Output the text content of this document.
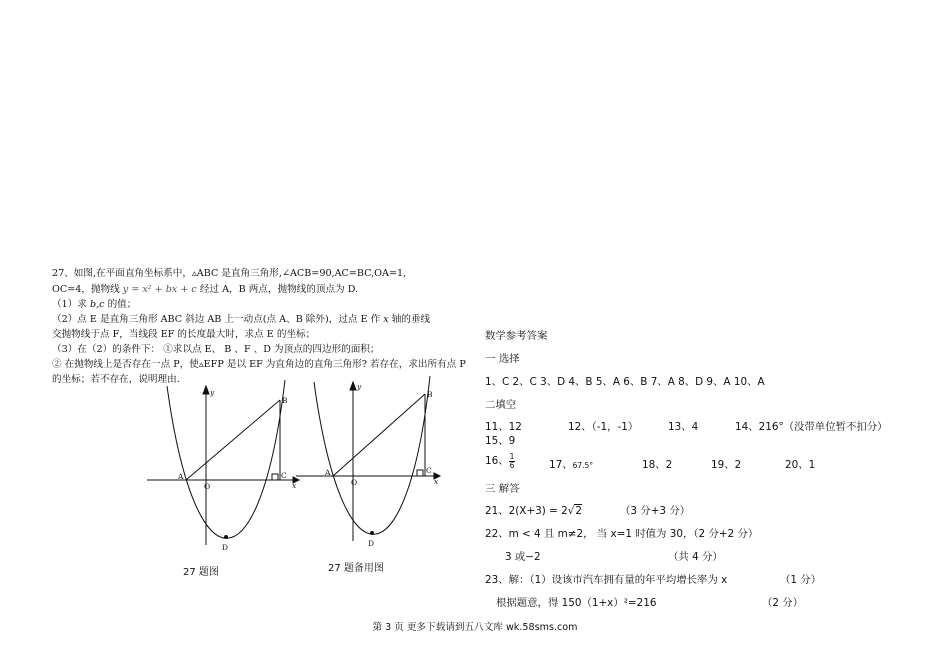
27、如图,在平面直角坐标系中，▵ABC 是直角三角形,∠ACB=90,AC=BC,OA=1,
OC=4，抛物线 y = x² + bx + c 经过 A，B 两点，抛物线的顶点为 D.
（1）求 b,c 的值；
（2）点 E 是直角三角形 ABC 斜边 AB 上一动点(点 A、B 除外)，过点 E 作 x 轴的垂线
交抛物线于点 F，当线段 EF 的长度最大时，求点 E 的坐标；
（3）在（2）的条件下： ①求以点 E、 B 、F 、D 为顶点的四边形的面积；
② 在抛物线上是否存在一点 P，使▵EFP 是以 EF 为直角边的直角三角形? 若存在，求出所有点 P
的坐标；若不存在，说明理由.
y
x
A
O
B
C
D
27 题图
y
x
A
O
B
C
D
27 题备用图
数学参考答案
一 选择
1、C 2、C 3、D 4、B 5、A 6、B 7、A 8、D 9、A 10、A
二填空
11、12	12、（-1，-1）	13、4	14、216°（没带单位暂不扣分）
15、9
16、 $\frac{1}{6}$	17、67.5°	18、2	19、2	20、1
三 解答
21、2(X+3) = 2√2	（3 分+3 分）
22、m < 4 且 m≠2， 当 x=1 时值为 30，（2 分+2 分）
3 或−2	（共 4 分）
23、解：（1）设该市汽车拥有量的年平均增长率为 x	（1 分）
根据题意，得 150（1+x）²=216	（2 分）
第 3 页 更多下载请到五八文库 wk.58sms.com
